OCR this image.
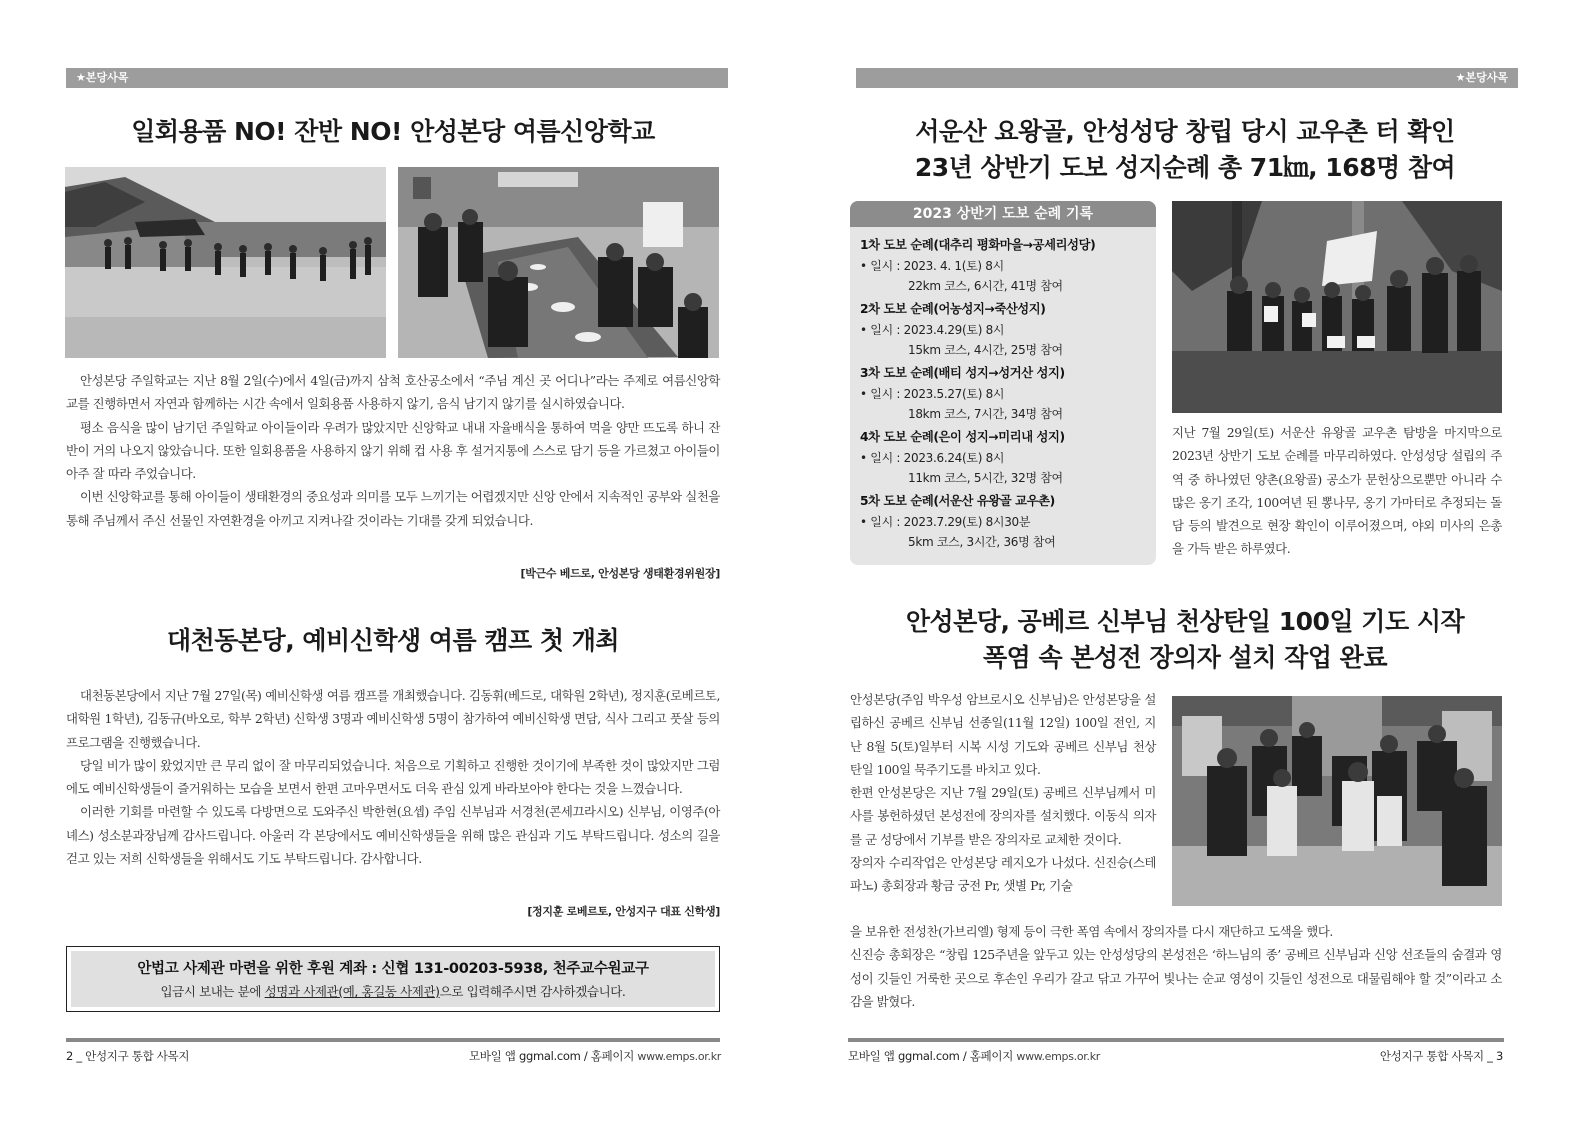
★본당사목
일회용품 NO! 잔반 NO! 안성본당 여름신앙학교

안성본당 주일학교는 지난 8월 2일(수)에서 4일(금)까지 삼척 호산공소에서 “주님 계신 곳 어디나”라는 주제로 여름신앙학교를 진행하면서 자연과 함께하는 시간 속에서 일회용품 사용하지 않기, 음식 남기지 않기를 실시하였습니다.

평소 음식을 많이 남기던 주일학교 아이들이라 우려가 많았지만 신앙학교 내내 자율배식을 통하여 먹을 양만 뜨도록 하니 잔반이 거의 나오지 않았습니다. 또한 일회용품을 사용하지 않기 위해 컵 사용 후 설거지통에 스스로 담기 등을 가르쳤고 아이들이 아주 잘 따라 주었습니다.

이번 신앙학교를 통해 아이들이 생태환경의 중요성과 의미를 모두 느끼기는 어렵겠지만 신앙 안에서 지속적인 공부와 실천을 통해 주님께서 주신 선물인 자연환경을 아끼고 지켜나갈 것이라는 기대를 갖게 되었습니다.

[박근수 베드로, 안성본당 생태환경위원장]
대천동본당, 예비신학생 여름 캠프 첫 개최

대천동본당에서 지난 7월 27일(목) 예비신학생 여름 캠프를 개최했습니다. 김동휘(베드로, 대학원 2학년), 정지훈(로베르토, 대학원 1학년), 김동규(바오로, 학부 2학년) 신학생 3명과 예비신학생 5명이 참가하여 예비신학생 면담, 식사 그리고 풋살 등의 프로그램을 진행했습니다.

당일 비가 많이 왔었지만 큰 무리 없이 잘 마무리되었습니다. 처음으로 기획하고 진행한 것이기에 부족한 것이 많았지만 그럼에도 예비신학생들이 즐거워하는 모습을 보면서 한편 고마우면서도 더욱 관심 있게 바라보아야 한다는 것을 느꼈습니다.

이러한 기회를 마련할 수 있도록 다방면으로 도와주신 박한현(요셉) 주임 신부님과 서경천(콘세끄라시오) 신부님, 이영주(아녜스) 성소분과장님께 감사드립니다. 아울러 각 본당에서도 예비신학생들을 위해 많은 관심과 기도 부탁드립니다. 성소의 길을 걷고 있는 저희 신학생들을 위해서도 기도 부탁드립니다. 감사합니다.

[정지훈 로베르토, 안성지구 대표 신학생]
안법고 사제관 마련을 위한 후원 계좌 : 신협 131-00203-5938, 천주교수원교구
입금시 보내는 분에 성명과 사제관(예, 홍길동 사제관)으로 입력해주시면 감사하겠습니다.
2 _ 안성지구 통합 사목지	모바일 앱 ggmal.com / 홈페이지 www.emps.or.kr
★본당사목
서운산 요왕골, 안성성당 창립 당시 교우촌 터 확인
23년 상반기 도보 성지순례 총 71㎞, 168명 참여
2023 상반기 도보 순례 기록
1차 도보 순례(대추리 평화마을→공세리성당)
• 일시 : 2023. 4. 1(토) 8시
22km 코스, 6시간, 41명 참여
2차 도보 순례(어농성지→죽산성지)
• 일시 : 2023.4.29(토) 8시
15km 코스, 4시간, 25명 참여
3차 도보 순례(배티 성지→성거산 성지)
• 일시 : 2023.5.27(토) 8시
18km 코스, 7시간, 34명 참여
4차 도보 순례(은이 성지→미리내 성지)
• 일시 : 2023.6.24(토) 8시
11km 코스, 5시간, 32명 참여
5차 도보 순례(서운산 유왕골 교우촌)
• 일시 : 2023.7.29(토) 8시30분
5km 코스, 3시간, 36명 참여

지난 7월 29일(토) 서운산 유왕골 교우촌 탐방을 마지막으로 2023년 상반기 도보 순례를 마무리하였다. 안성성당 설립의 주역 중 하나였던 양촌(요왕골) 공소가 문헌상으로뿐만 아니라 수많은 옹기 조각, 100여년 된 뽕나무, 옹기 가마터로 추정되는 돌담 등의 발견으로 현장 확인이 이루어졌으며, 야외 미사의 은총을 가득 받은 하루였다.

안성본당, 공베르 신부님 천상탄일 100일 기도 시작
폭염 속 본성전 장의자 설치 작업 완료

안성본당(주임 박우성 암브로시오 신부님)은 안성본당을 설립하신 공베르 신부님 선종일(11월 12일) 100일 전인, 지난 8월 5(토)일부터 시복 시성 기도와 공베르 신부님 천상탄일 100일 묵주기도를 바치고 있다.

한편 안성본당은 지난 7월 29일(토) 공베르 신부님께서 미사를 봉헌하셨던 본성전에 장의자를 설치했다. 이동식 의자를 군 성당에서 기부를 받은 장의자로 교체한 것이다.

장의자 수리작업은 안성본당 레지오가 나섰다. 신진승(스테파노) 총회장과 황금 궁전 Pr, 샛별 Pr, 기술

을 보유한 전성찬(가브리엘) 형제 등이 극한 폭염 속에서 장의자를 다시 재단하고 도색을 했다.

신진승 총회장은 “창립 125주년을 앞두고 있는 안성성당의 본성전은 ‘하느님의 종’ 공베르 신부님과 신앙 선조들의 숨결과 영성이 깃들인 거룩한 곳으로 후손인 우리가 갈고 닦고 가꾸어 빛나는 순교 영성이 깃들인 성전으로 대물림해야 할 것”이라고 소감을 밝혔다.

모바일 앱 ggmal.com / 홈페이지 www.emps.or.kr	안성지구 통합 사목지 _ 3
